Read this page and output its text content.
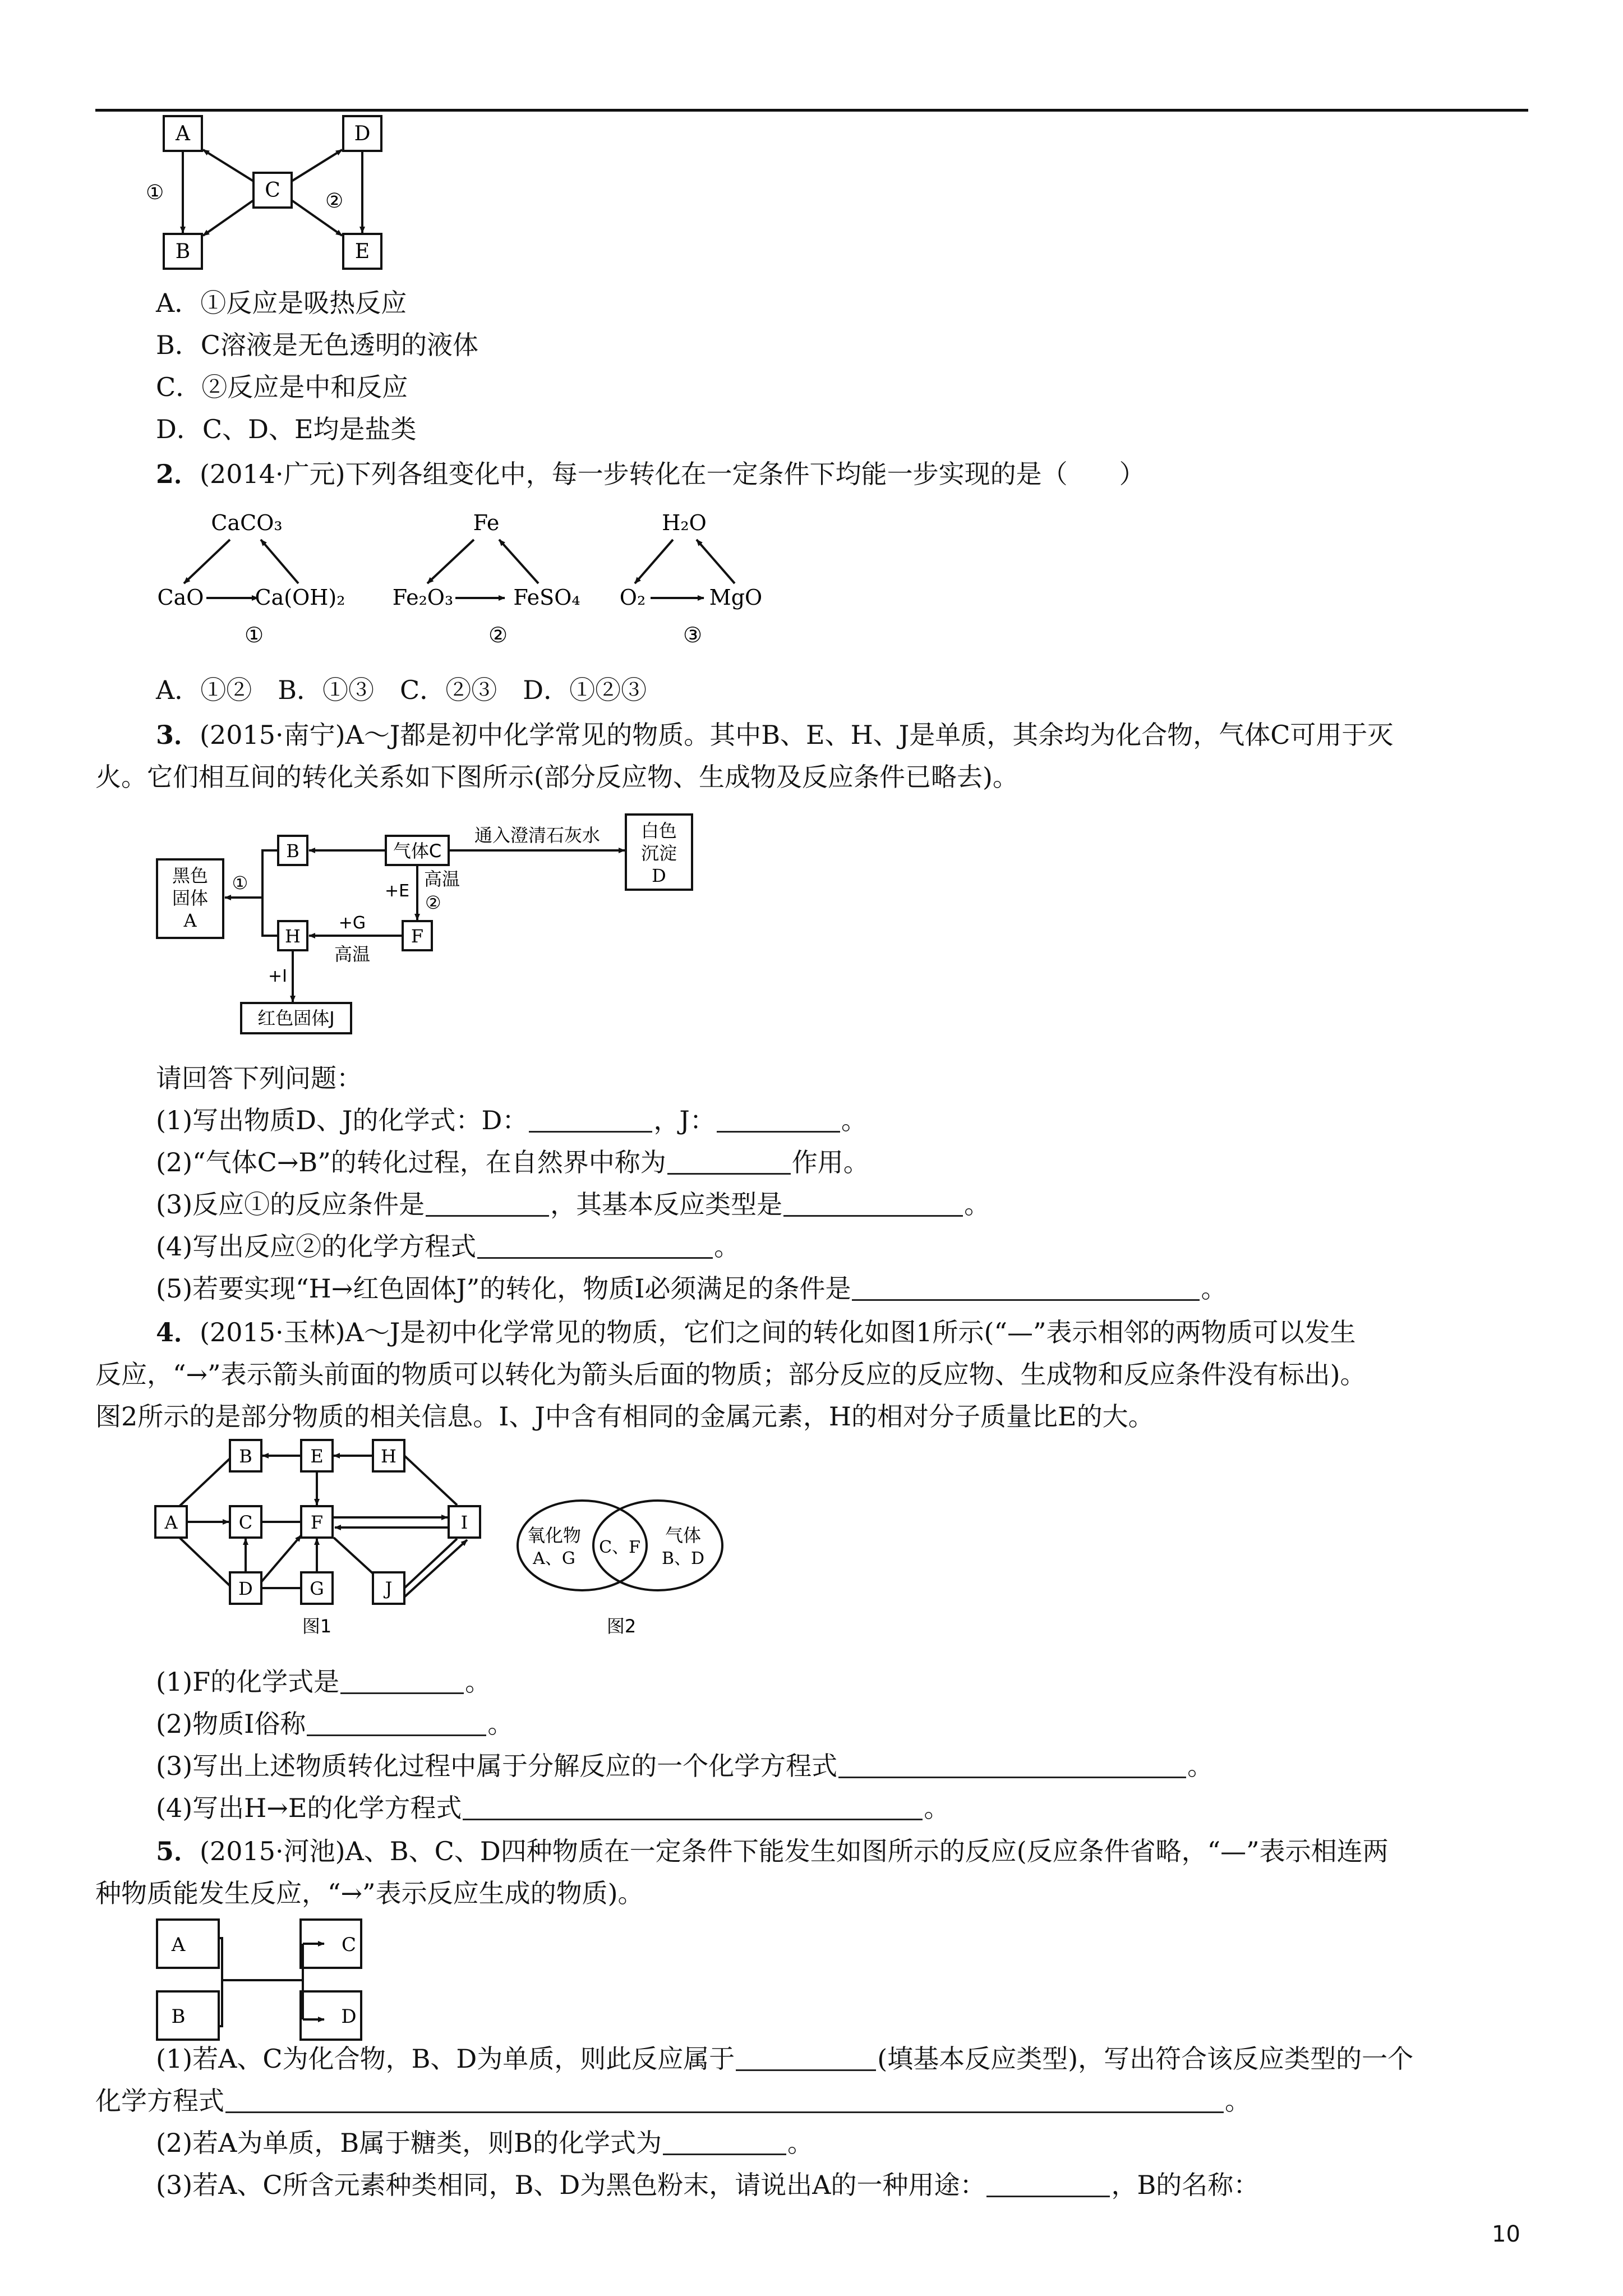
A	D
C
B	E
①	②
A．①反应是吸热反应
B．C溶液是无色透明的液体
C．②反应是中和反应
D．C、D、E均是盐类
2．(2014·广元)下列各组变化中，每一步转化在一定条件下均能一步实现的是（　　）
CaCO₃
CaO Ca(OH)₂
①
Fe
Fe₂O₃	FeSO₄
②
H₂O
O₂	MgO
③
A．①②　B．①③　C．②③　D．①②③
3．(2015·南宁)A～J都是初中化学常见的物质。其中B、E、H、J是单质，其余均为化合物，气体C可用于灭
火。它们相互间的转化关系如下图所示(部分反应物、生成物及反应条件已略去)。
黑色
固体
A
B	气体C
白色
沉淀
D
H	F
红色固体J
①
通入澄清石灰水
+E
高温
②
+G
高温
+I
请回答下列问题：
(1)写出物质D、J的化学式：D：	，J：	。
(2)“气体C→B”的转化过程，在自然界中称为	作用。
(3)反应①的反应条件是	，其基本反应类型是	。
(4)写出反应②的化学方程式	。
(5)若要实现“H→红色固体J”的转化，物质I必须满足的条件是	。
4．(2015·玉林)A～J是初中化学常见的物质，它们之间的转化如图1所示(“—”表示相邻的两物质可以发生
反应，“→”表示箭头前面的物质可以转化为箭头后面的物质；部分反应的反应物、生成物和反应条件没有标出)。
图2所示的是部分物质的相关信息。I、J中含有相同的金属元素，H的相对分子质量比E的大。
B	E	H
A	C	F	I
D	G	J
图1
氧化物
A、G
C、F
气体
B、D
图2
(1)F的化学式是	。
(2)物质I俗称	。
(3)写出上述物质转化过程中属于分解反应的一个化学方程式	。
(4)写出H→E的化学方程式	。
5．(2015·河池)A、B、C、D四种物质在一定条件下能发生如图所示的反应(反应条件省略，“—”表示相连两
种物质能发生反应，“→”表示反应生成的物质)。
A
B
C
D
(1)若A、C为化合物，B、D为单质，则此反应属于	(填基本反应类型)，写出符合该反应类型的一个
化学方程式	。
(2)若A为单质，B属于糖类，则B的化学式为	。
(3)若A、C所含元素种类相同，B、D为黑色粉末，请说出A的一种用途：	，B的名称：
10
